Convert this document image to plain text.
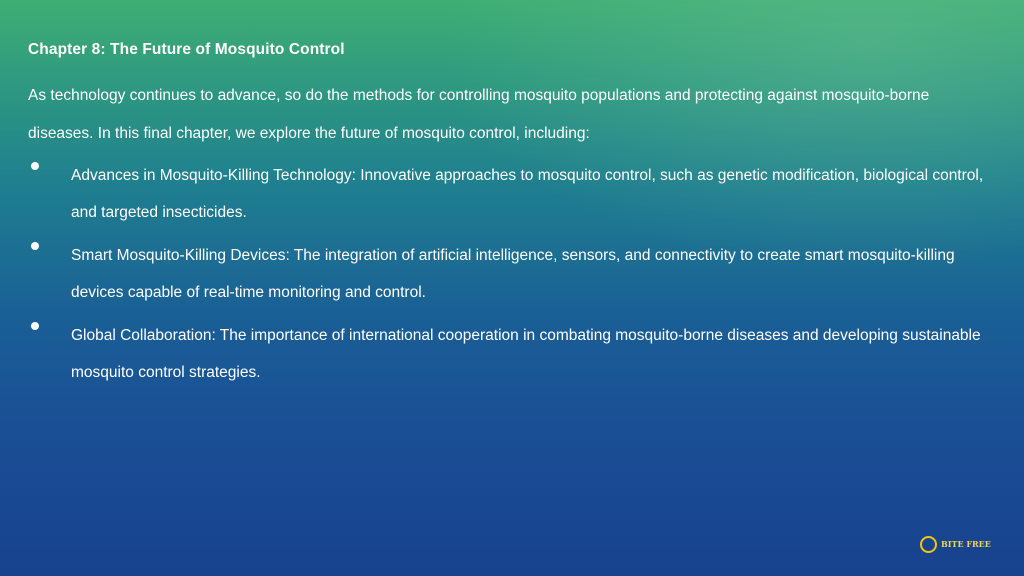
Chapter 8: The Future of Mosquito Control
As technology continues to advance, so do the methods for controlling mosquito populations and protecting against mosquito-borne diseases. In this final chapter, we explore the future of mosquito control, including:
Advances in Mosquito-Killing Technology: Innovative approaches to mosquito control, such as genetic modification, biological control, and targeted insecticides.
Smart Mosquito-Killing Devices: The integration of artificial intelligence, sensors, and connectivity to create smart mosquito-killing devices capable of real-time monitoring and control.
Global Collaboration: The importance of international cooperation in combating mosquito-borne diseases and developing sustainable mosquito control strategies.
BITE FREE
